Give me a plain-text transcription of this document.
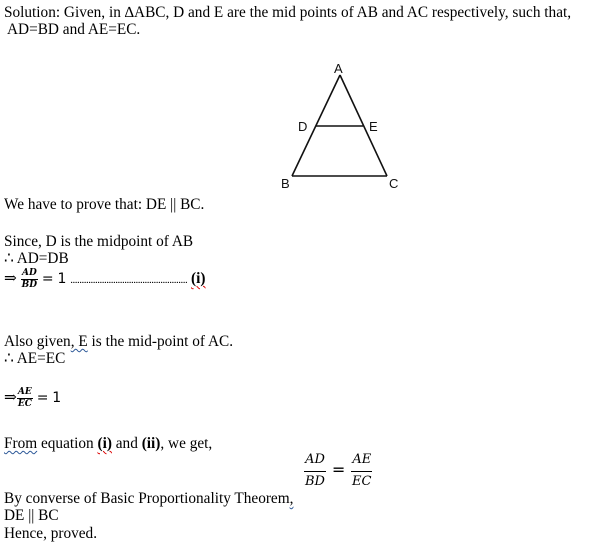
Solution: Given, in ∆ABC, D and E are the mid points of AB and AC respectively, such that,
AD=BD and AE=EC.
A
D	E
B	C
We have to prove that: DE || BC.
Since, D is the midpoint of AB
∴ AD=DB
⇒ $\frac{AD}{BD} = 1$ .................................................... (i)
Also given, E is the mid-point of AC.
∴ AE=EC
⇒ $\frac{AE}{EC} = 1$
From equation (i) and (ii), we get,
$\frac{AD}{BD} = \frac{AE}{EC}$
By converse of Basic Proportionality Theorem,
DE || BC
Hence, proved.
